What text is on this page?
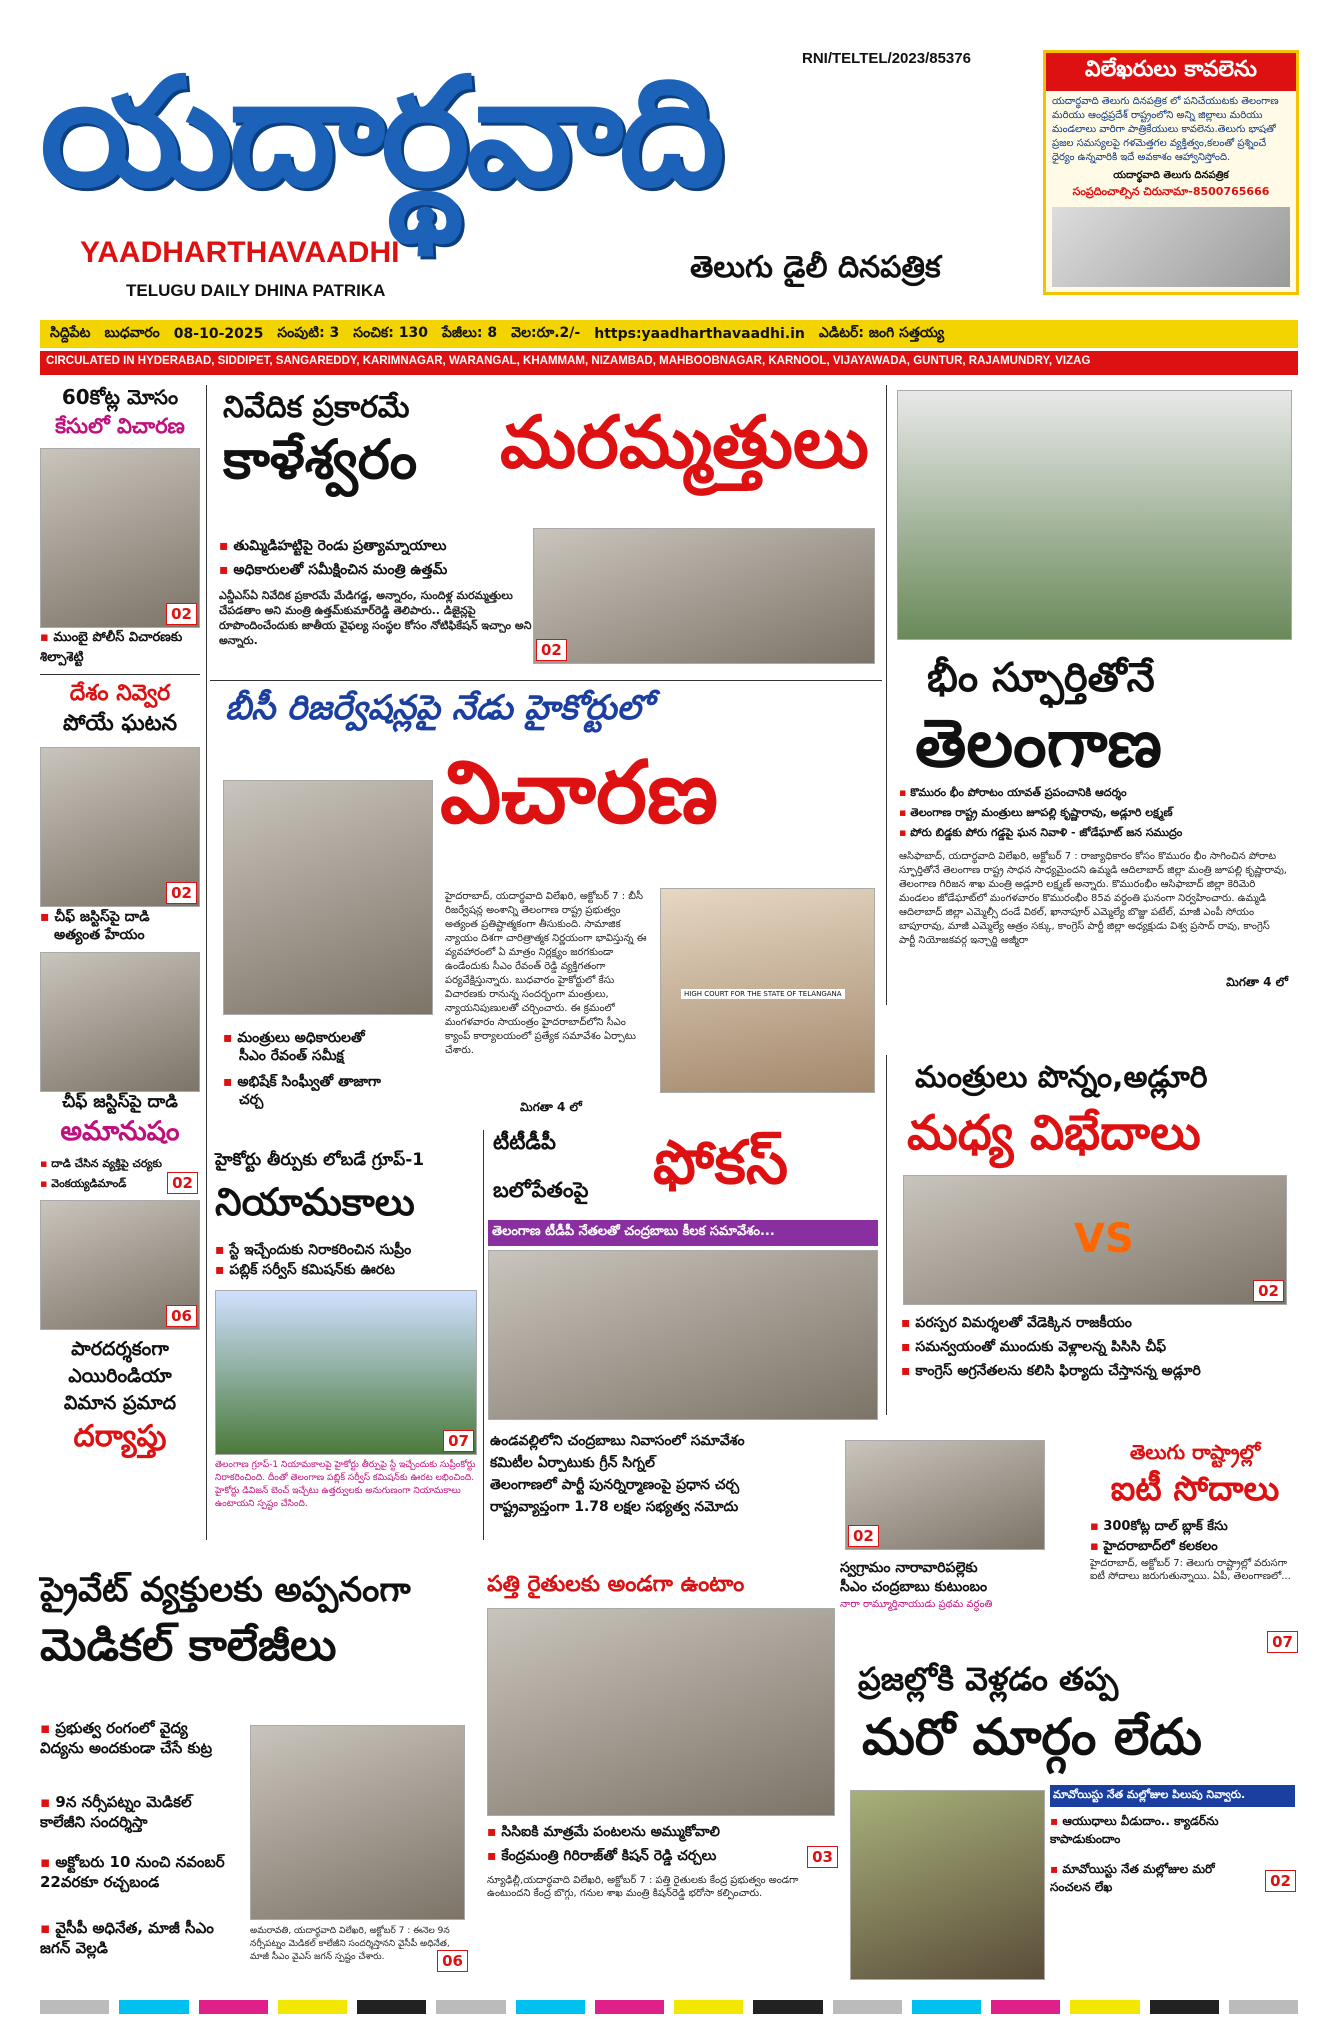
యదార్థవాది
YAADHARTHAVAADHI
TELUGU DAILY DHINA PATRIKA
తెలుగు డైలీ దినపత్రిక
RNI/TELTEL/2023/85376	విలేఖరులు కావలెను
యదార్థవాది తెలుగు దినపత్రిక లో పనిచేయుటకు తెలంగాణ మరియు ఆంధ్రప్రదేశ్ రాష్ట్రంలోని అన్ని జిల్లాలు మరియు మండలాలు వారిగా పాత్రికేయులు కావలెను.తెలుగు భాషతో ప్రజల సమస్యలపై గళమెత్తగల వ్యక్తిత్వం,కలంతో ప్రశ్నించే ధైర్యం ఉన్నవారికి ఇదే అవకాశం ఆహ్వానిస్తోంది.
యదార్థవాది తెలుగు దినపత్రిక
సంప్రదించాల్సిన చిరునామా-8500765666
సిద్దిపేట బుధవారం 08-10-2025 సంపుటి: 3 సంచిక: 130 పేజీలు: 8 వెల:రూ.2/- https:yaadharthavaadhi.in ఎడిటర్: జంగి సత్తయ్య
CIRCULATED IN HYDERABAD, SIDDIPET, SANGAREDDY, KARIMNAGAR, WARANGAL, KHAMMAM, NIZAMBAD, MAHBOOBNAGAR, KARNOOL, VIJAYAWADA, GUNTUR, RAJAMUNDRY, VIZAG
60కోట్ల మోసం
కేసులో విచారణ
02
▪ ముంబై పోలీస్ విచారణకు శిల్పాశెట్టి
దేశం నివ్వెర
పోయే ఘటన
02
▪ చీఫ్ జస్టిస్‌పై దాడి
అత్యంత హేయం
చీఫ్ జస్టిస్‌పై దాడి
అమానుషం
▪ దాడి చేసిన వ్యక్తిపై చర్యకు
▪ వెంకయ్యడిమాండ్	02
06
పారదర్శకంగా
ఎయిరిండియా
విమాన ప్రమాద
దర్యాప్తు
నివేదిక ప్రకారమే
కాళేశ్వరం మరమ్మత్తులు
▪ తుమ్మిడిహట్టిపై రెండు ప్రత్యామ్నాయాలు
▪ అధికారులతో సమీక్షించిన మంత్రి ఉత్తమ్
ఎన్డీఎస్ఏ నివేదిక ప్రకారమే మేడిగడ్డ, అన్నారం, సుందిళ్ల మరమ్మత్తులు చేపడతాం అని మంత్రి ఉత్తమ్‌కుమార్‌రెడ్డి తెలిపారు.. డిజైన్లపై రూపొందించేందుకు జాతీయ వైఫల్య సంస్థల కోసం నోటిఫికేషన్ ఇచ్చాం అని అన్నారు.
02
బీసీ రిజర్వేషన్లపై నేడు హైకోర్టులో
విచారణ
▪ మంత్రులు అధికారులతో
సీఎం రేవంత్ సమీక్ష
▪ అభిషేక్ సింఘ్వీతో తాజాగా
చర్చ
హైదరాబాద్, యదార్థవాది విలేఖరి, అక్టోబర్ 7 : బీసీ రిజర్వేషన్ల అంశాన్ని తెలంగాణ రాష్ట్ర ప్రభుత్వం అత్యంత ప్రతిష్టాత్మకంగా తీసుకుంది. సామాజిక న్యాయం దిశగా చారిత్రాత్మక నిర్ణయంగా భావిస్తున్న ఈ వ్యవహారంలో ఏ మాత్రం నిర్లక్ష్యం జరగకుండా ఉండేందుకు సీఎం రేవంత్ రెడ్డి వ్యక్తిగతంగా పర్యవేక్షిస్తున్నారు. బుధవారం హైకోర్టులో కేసు విచారణకు రానున్న సందర్భంగా మంత్రులు, న్యాయనిపుణులతో చర్చించారు. ఈ క్రమంలో మంగళవారం సాయంత్రం హైదరాబాద్‌లోని సీఎం క్యాంప్ కార్యాలయంలో ప్రత్యేక సమావేశం ఏర్పాటు చేశారు.
మిగతా 4 లో
HIGH COURT FOR THE STATE OF TELANGANA
భీం స్ఫూర్తితోనే
తెలంగాణ
▪ కొమురం భీం పోరాటం యావత్ ప్రపంచానికి ఆదర్శం
▪ తెలంగాణ రాష్ట్ర మంత్రులు జూపల్లి కృష్ణారావు, అడ్లూరి లక్ష్మణ్
▪ పోరు బిడ్డకు పోరు గడ్డపై ఘన నివాళి - జోడేఘాట్ జన సముద్రం
ఆసిఫాబాద్, యదార్థవాది విలేఖరి, అక్టోబర్ 7 : రాజ్యాధికారం కోసం కొమురం భీం సాగించిన పోరాట స్ఫూర్తితోనే తెలంగాణ రాష్ట్ర సాధన సాధ్యమైందని ఉమ్మడి ఆదిలాబాద్ జిల్లా మంత్రి జూపల్లి కృష్ణారావు, తెలంగాణ గిరిజన శాఖ మంత్రి అడ్లూరి లక్ష్మణ్ అన్నారు. కొమురంభీం ఆసిఫాబాద్ జిల్లా కెరిమెరి మండలం జోడేఘాట్‌లో మంగళవారం కొమురంభీం 85వ వర్ధంతి ఘనంగా నిర్వహించారు. ఉమ్మడి ఆదిలాబాద్ జిల్లా ఎమ్మెల్సీ దండే విఠల్, ఖానాపూర్ ఎమ్మెల్యే బొజ్జు పటేల్, మాజీ ఎంపీ సోయం బాపూరావు, మాజీ ఎమ్మెల్యే ఆత్రం సక్కు, కాంగ్రెస్ పార్టీ జిల్లా అధ్యక్షుడు విశ్వ ప్రసాద్ రావు, కాంగ్రెస్ పార్టీ నియోజకవర్గ ఇన్చార్జి అజ్మీరా
మిగతా 4 లో
మంత్రులు పొన్నం,అడ్లూరి
మధ్య విభేదాలు
VS
02
▪ పరస్పర విమర్శలతో వేడెక్కిన రాజకీయం
▪ సమన్వయంతో ముందుకు వెళ్లాలన్న పిసిసి చీఫ్
▪ కాంగ్రెస్ అగ్రనేతలను కలిసి ఫిర్యాదు చేస్తానన్న అడ్లూరి
హైకోర్టు తీర్పుకు లోబడే గ్రూప్-1
నియామకాలు
▪ స్టే ఇచ్చేందుకు నిరాకరించిన సుప్రీం
▪ పబ్లిక్ సర్వీస్ కమిషన్‌కు ఊరట
07
తెలంగాణ గ్రూప్-1 నియామకాలపై హైకోర్టు తీర్పుపై స్టే ఇచ్చేందుకు సుప్రీంకోర్టు నిరాకరించింది. దీంతో తెలంగాణ పబ్లిక్ సర్వీస్ కమిషన్‌కు ఊరట లభించింది. హైకోర్టు డివిజన్ బెంచ్ ఇచ్చేటు ఉత్తర్వులకు అనుగుణంగా నియామకాలు ఉంటాయని స్పష్టం చేసింది.
టీటీడీపీ
బలోపేతంపై ఫోకస్
తెలంగాణ టీడీపీ నేతలతో చంద్రబాబు కీలక సమావేశం...
ఉండవల్లిలోని చంద్రబాబు నివాసంలో సమావేశం
కమిటీల ఏర్పాటుకు గ్రీన్ సిగ్నల్
తెలంగాణలో పార్టీ పునర్నిర్మాణంపై ప్రధాన చర్చ
రాష్ట్రవ్యాప్తంగా 1.78 లక్షల సభ్యత్వ నమోదు
02
స్వగ్రామం నారావారిపల్లెకు
సీఎం చంద్రబాబు కుటుంబం
నారా రామ్మూర్తినాయుడు ప్రథమ వర్ధంతి
తెలుగు రాష్ట్రాల్లో
ఐటీ సోదాలు
▪ 300కోట్ల దాల్ బ్లాక్ కేసు
▪ హైదరాబాద్‌లో కలకలం
హైదరాబాద్, అక్టోబర్ 7: తెలుగు రాష్ట్రాల్లో వరుసగా ఐటీ సోదాలు జరుగుతున్నాయి. ఏపీ, తెలంగాణలో...
07
ప్రైవేట్ వ్యక్తులకు అప్పనంగా
మెడికల్ కాలేజీలు
▪ ప్రభుత్వ రంగంలో వైద్య విద్యను అందకుండా చేసే కుట్ర
▪ 9న నర్సీపట్నం మెడికల్ కాలేజీని సందర్శిస్తా
▪ అక్టోబరు 10 నుంచి నవంబర్ 22వరకూ రచ్చబండ
▪ వైసీపీ అధినేత, మాజీ సీఎం జగన్ వెల్లడి
అమరావతి, యదార్థవాది విలేఖరి, అక్టోబర్ 7 : ఈనెల 9న నర్సీపట్నం మెడికల్ కాలేజీని సందర్శిస్తానని వైసీపీ అధినేత, మాజీ సీఎం వైఎస్ జగన్ స్పష్టం చేశారు.	06
పత్తి రైతులకు అండగా ఉంటాం
▪ సిసిఐకి మాత్రమే పంటలను అమ్ముకోవాలి
▪ కేంద్రమంత్రి గిరిరాజ్‌తో కిషన్ రెడ్డి చర్చలు	03
న్యూఢిల్లీ,యదార్థవాది విలేఖరి, అక్టోబర్ 7 : పత్తి రైతులకు కేంద్ర ప్రభుత్వం అండగా ఉంటుందని కేంద్ర బొగ్గు, గనుల శాఖ మంత్రి కిషన్‌రెడ్డి భరోసా కల్పించారు.
ప్రజల్లోకి వెళ్లడం తప్ప
మరో మార్గం లేదు
మావోయిస్టు నేత మల్లోజుల పిలుపు నివ్వారు.
▪ ఆయుధాలు వీడుదాం.. క్యాడర్‌ను కాపాడుకుందాం
▪ మావోయిస్టు నేత మల్లోజుల మరో సంచలన లేఖ	02
